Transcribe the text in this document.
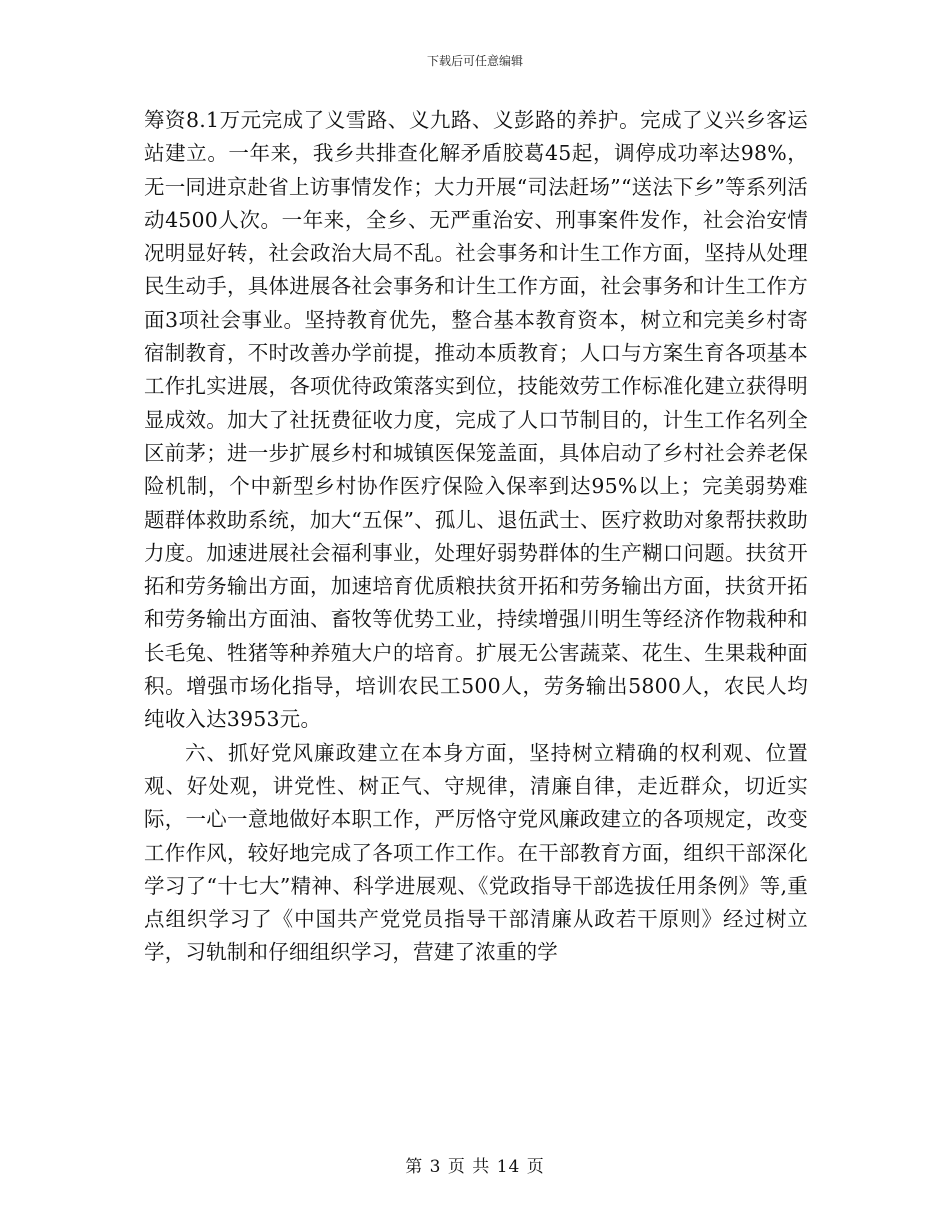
下载后可任意编辑

筹资8.1万元完成了义雪路、义九路、义彭路的养护。完成了义兴乡客运站建立。一年来，我乡共排查化解矛盾胶葛45起，调停成功率达98%，无一同进京赴省上访事情发作；大力开展“司法赶场”“送法下乡”等系列活动4500人次。一年来，全乡、无严重治安、刑事案件发作，社会治安情况明显好转，社会政治大局不乱。社会事务和计生工作方面，坚持从处理民生动手，具体进展各社会事务和计生工作方面，社会事务和计生工作方面3项社会事业。坚持教育优先，整合基本教育资本，树立和完美乡村寄宿制教育，不时改善办学前提，推动本质教育；人口与方案生育各项基本工作扎实进展，各项优待政策落实到位，技能效劳工作标准化建立获得明显成效。加大了社抚费征收力度，完成了人口节制目的，计生工作名列全区前茅；进一步扩展乡村和城镇医保笼盖面，具体启动了乡村社会养老保险机制，个中新型乡村协作医疗保险入保率到达95%以上；完美弱势难题群体救助系统，加大“五保”、孤儿、退伍武士、医疗救助对象帮扶救助力度。加速进展社会福利事业，处理好弱势群体的生产糊口问题。扶贫开拓和劳务输出方面，加速培育优质粮扶贫开拓和劳务输出方面，扶贫开拓和劳务输出方面油、畜牧等优势工业，持续增强川明生等经济作物栽种和长毛兔、牲猪等种养殖大户的培育。扩展无公害蔬菜、花生、生果栽种面积。增强市场化指导，培训农民工500人，劳务输出5800人，农民人均纯收入达3953元。

六、抓好党风廉政建立在本身方面，坚持树立精确的权利观、位置观、好处观，讲党性、树正气、守规律，清廉自律，走近群众，切近实际，一心一意地做好本职工作，严厉恪守党风廉政建立的各项规定，改变工作作风，较好地完成了各项工作工作。在干部教育方面，组织干部深化学习了“十七大”精神、科学进展观、《党政指导干部选拔任用条例》等,重点组织学习了《中国共产党党员指导干部清廉从政若干原则》经过树立学，习轨制和仔细组织学习，营建了浓重的学

第 3 页 共 14 页
